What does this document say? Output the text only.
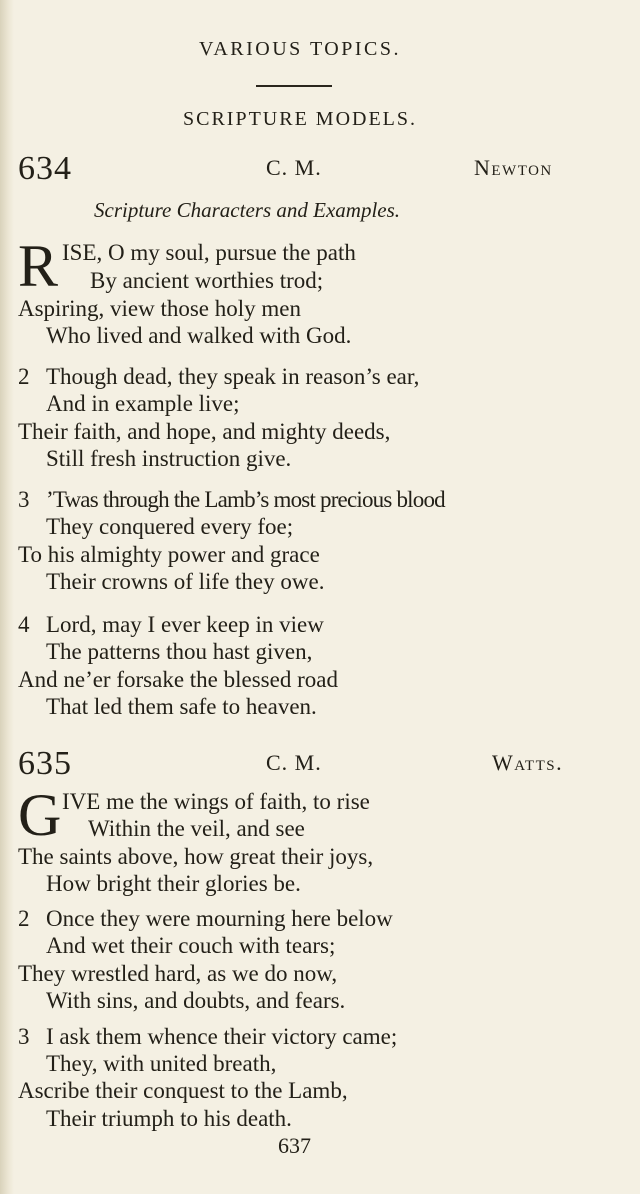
VARIOUS TOPICS.
SCRIPTURE MODELS.
634	C. M.	Newton
Scripture Characters and Examples.
R ISE, O my soul, pursue the path
By ancient worthies trod;
Aspiring, view those holy men
Who lived and walked with God.
2 Though dead, they speak in reason’s ear,
And in example live;
Their faith, and hope, and mighty deeds,
Still fresh instruction give.
3 ’Twas through the Lamb’s most precious blood
They conquered every foe;
To his almighty power and grace
Their crowns of life they owe.
4 Lord, may I ever keep in view
The patterns thou hast given,
And ne’er forsake the blessed road
That led them safe to heaven.
635	C. M.	Watts.
G IVE me the wings of faith, to rise
Within the veil, and see
The saints above, how great their joys,
How bright their glories be.
2 Once they were mourning here below
And wet their couch with tears;
They wrestled hard, as we do now,
With sins, and doubts, and fears.
3 I ask them whence their victory came;
They, with united breath,
Ascribe their conquest to the Lamb,
Their triumph to his death.
637
